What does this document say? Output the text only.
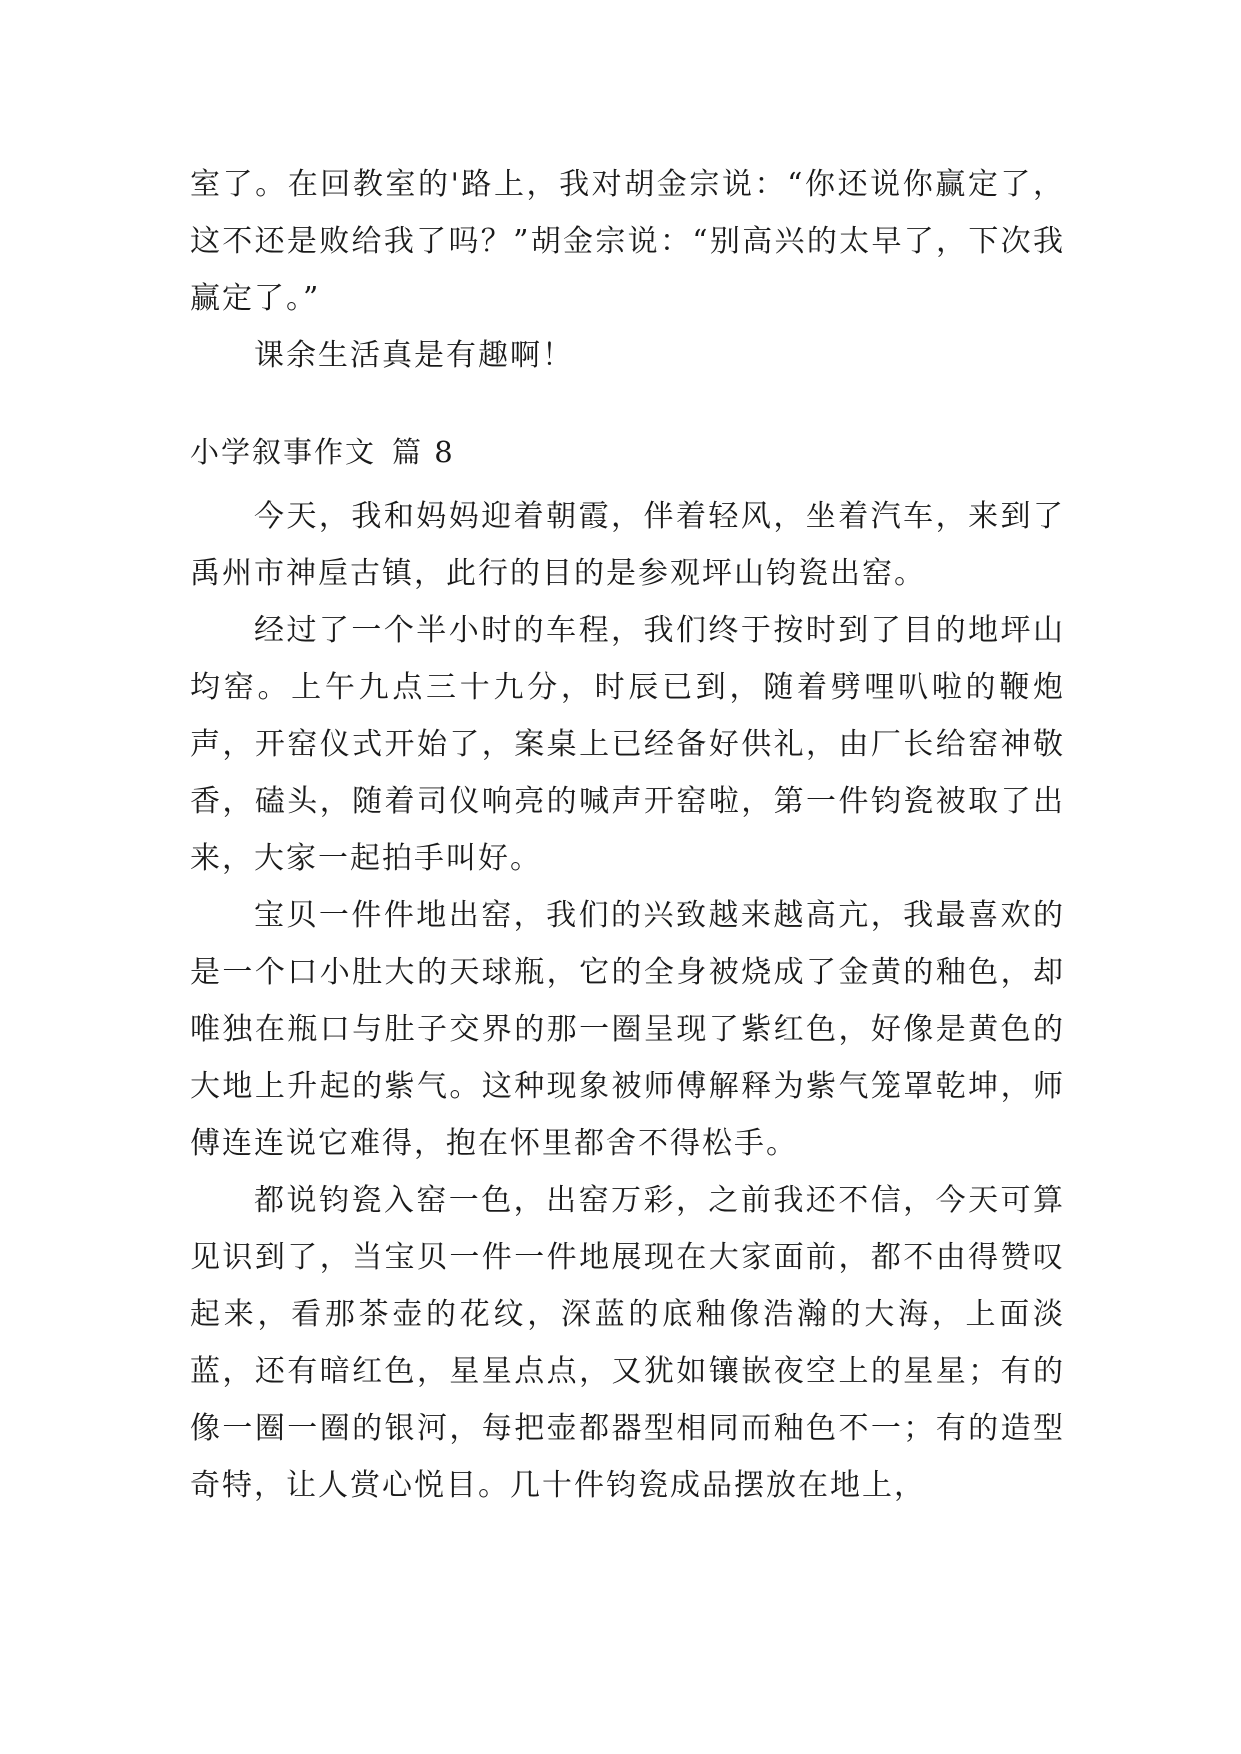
室了。在回教室的'路上，我对胡金宗说：“你还说你赢定了，这不还是败给我了吗？”胡金宗说：“别高兴的太早了，下次我赢定了。”

课余生活真是有趣啊！

小学叙事作文 篇 8

今天，我和妈妈迎着朝霞，伴着轻风，坐着汽车，来到了禹州市神垕古镇，此行的目的是参观坪山钧瓷出窑。

经过了一个半小时的车程，我们终于按时到了目的地坪山均窑。上午九点三十九分，时辰已到，随着劈哩叭啦的鞭炮声，开窑仪式开始了，案桌上已经备好供礼，由厂长给窑神敬香，磕头，随着司仪响亮的喊声开窑啦，第一件钧瓷被取了出来，大家一起拍手叫好。

宝贝一件件地出窑，我们的兴致越来越高亢，我最喜欢的是一个口小肚大的天球瓶，它的全身被烧成了金黄的釉色，却唯独在瓶口与肚子交界的那一圈呈现了紫红色，好像是黄色的大地上升起的紫气。这种现象被师傅解释为紫气笼罩乾坤，师傅连连说它难得，抱在怀里都舍不得松手。

都说钧瓷入窑一色，出窑万彩，之前我还不信，今天可算见识到了，当宝贝一件一件地展现在大家面前，都不由得赞叹起来，看那茶壶的花纹，深蓝的底釉像浩瀚的大海，上面淡蓝，还有暗红色，星星点点，又犹如镶嵌夜空上的星星；有的像一圈一圈的银河，每把壶都器型相同而釉色不一；有的造型奇特，让人赏心悦目。几十件钧瓷成品摆放在地上，
